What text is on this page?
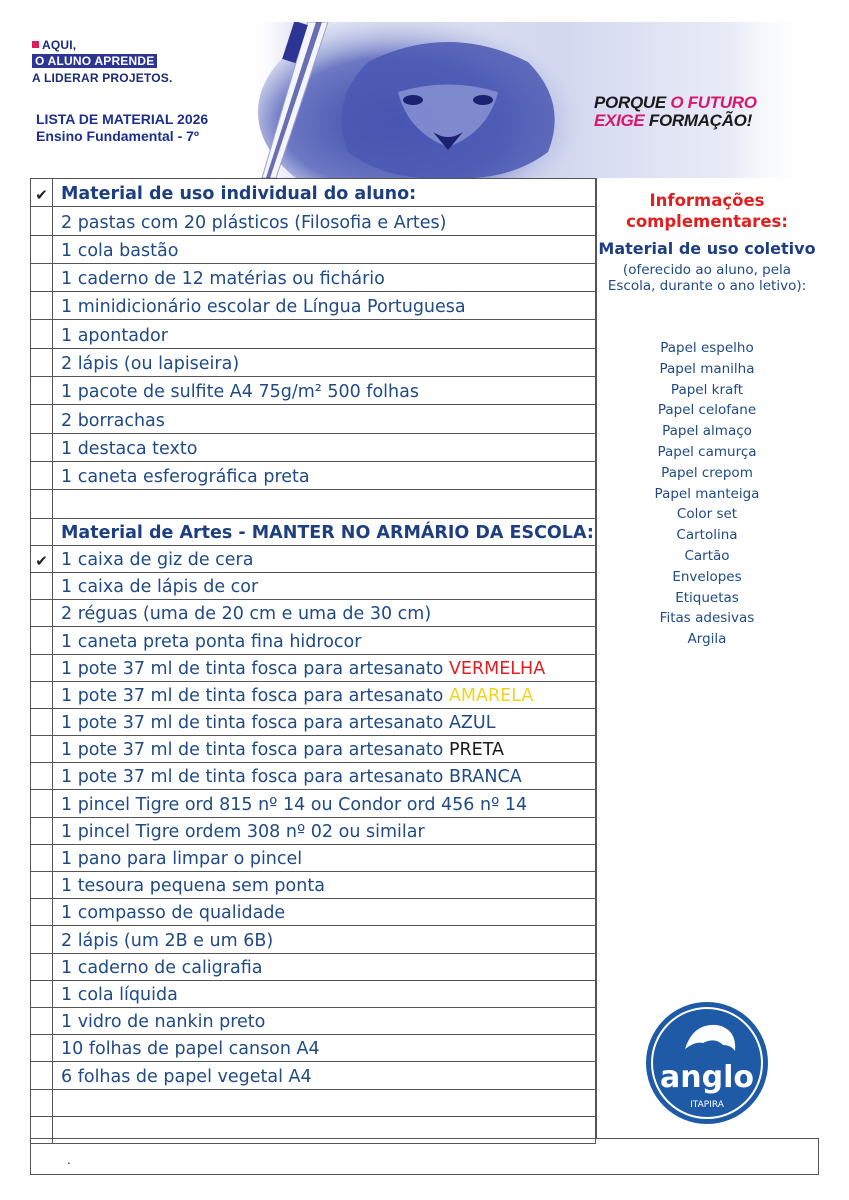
AQUI,
O ALUNO APRENDE
A LIDERAR PROJETOS.
LISTA DE MATERIAL 2026
Ensino Fundamental - 7º
PORQUE O FUTURO
EXIGE FORMAÇÃO!
✔ Material de uso individual do aluno:
2 pastas com 20 plásticos (Filosofia e Artes)
1 cola bastão
1 caderno de 12 matérias ou fichário
1 minidicionário escolar de Língua Portuguesa
1 apontador
2 lápis (ou lapiseira)
1 pacote de sulfite A4 75g/m² 500 folhas
2 borrachas
1 destaca texto
1 caneta esferográfica preta
Material de Artes - MANTER NO ARMÁRIO DA ESCOLA:
✔ 1 caixa de giz de cera
1 caixa de lápis de cor
2 réguas (uma de 20 cm e uma de 30 cm)
1 caneta preta ponta fina hidrocor
1 pote 37 ml de tinta fosca para artesanato VERMELHA
1 pote 37 ml de tinta fosca para artesanato AMARELA
1 pote 37 ml de tinta fosca para artesanato AZUL
1 pote 37 ml de tinta fosca para artesanato PRETA
1 pote 37 ml de tinta fosca para artesanato BRANCA
1 pincel Tigre ord 815 nº 14 ou Condor ord 456 nº 14
1 pincel Tigre ordem 308 nº 02 ou similar
1 pano para limpar o pincel
1 tesoura pequena sem ponta
1 compasso de qualidade
2 lápis (um 2B e um 6B)
1 caderno de caligrafia
1 cola líquida
1 vidro de nankin preto
10 folhas de papel canson A4
6 folhas de papel vegetal A4
Informações
complementares:
Material de uso coletivo
(oferecido ao aluno, pela
Escola, durante o ano letivo):
Papel espelho
Papel manilha
Papel kraft
Papel celofane
Papel almaço
Papel camurça
Papel crepom
Papel manteiga
Color set
Cartolina
Cartão
Envelopes
Etiquetas
Fitas adesivas
Argila
anglo
ITAPIRA
.
